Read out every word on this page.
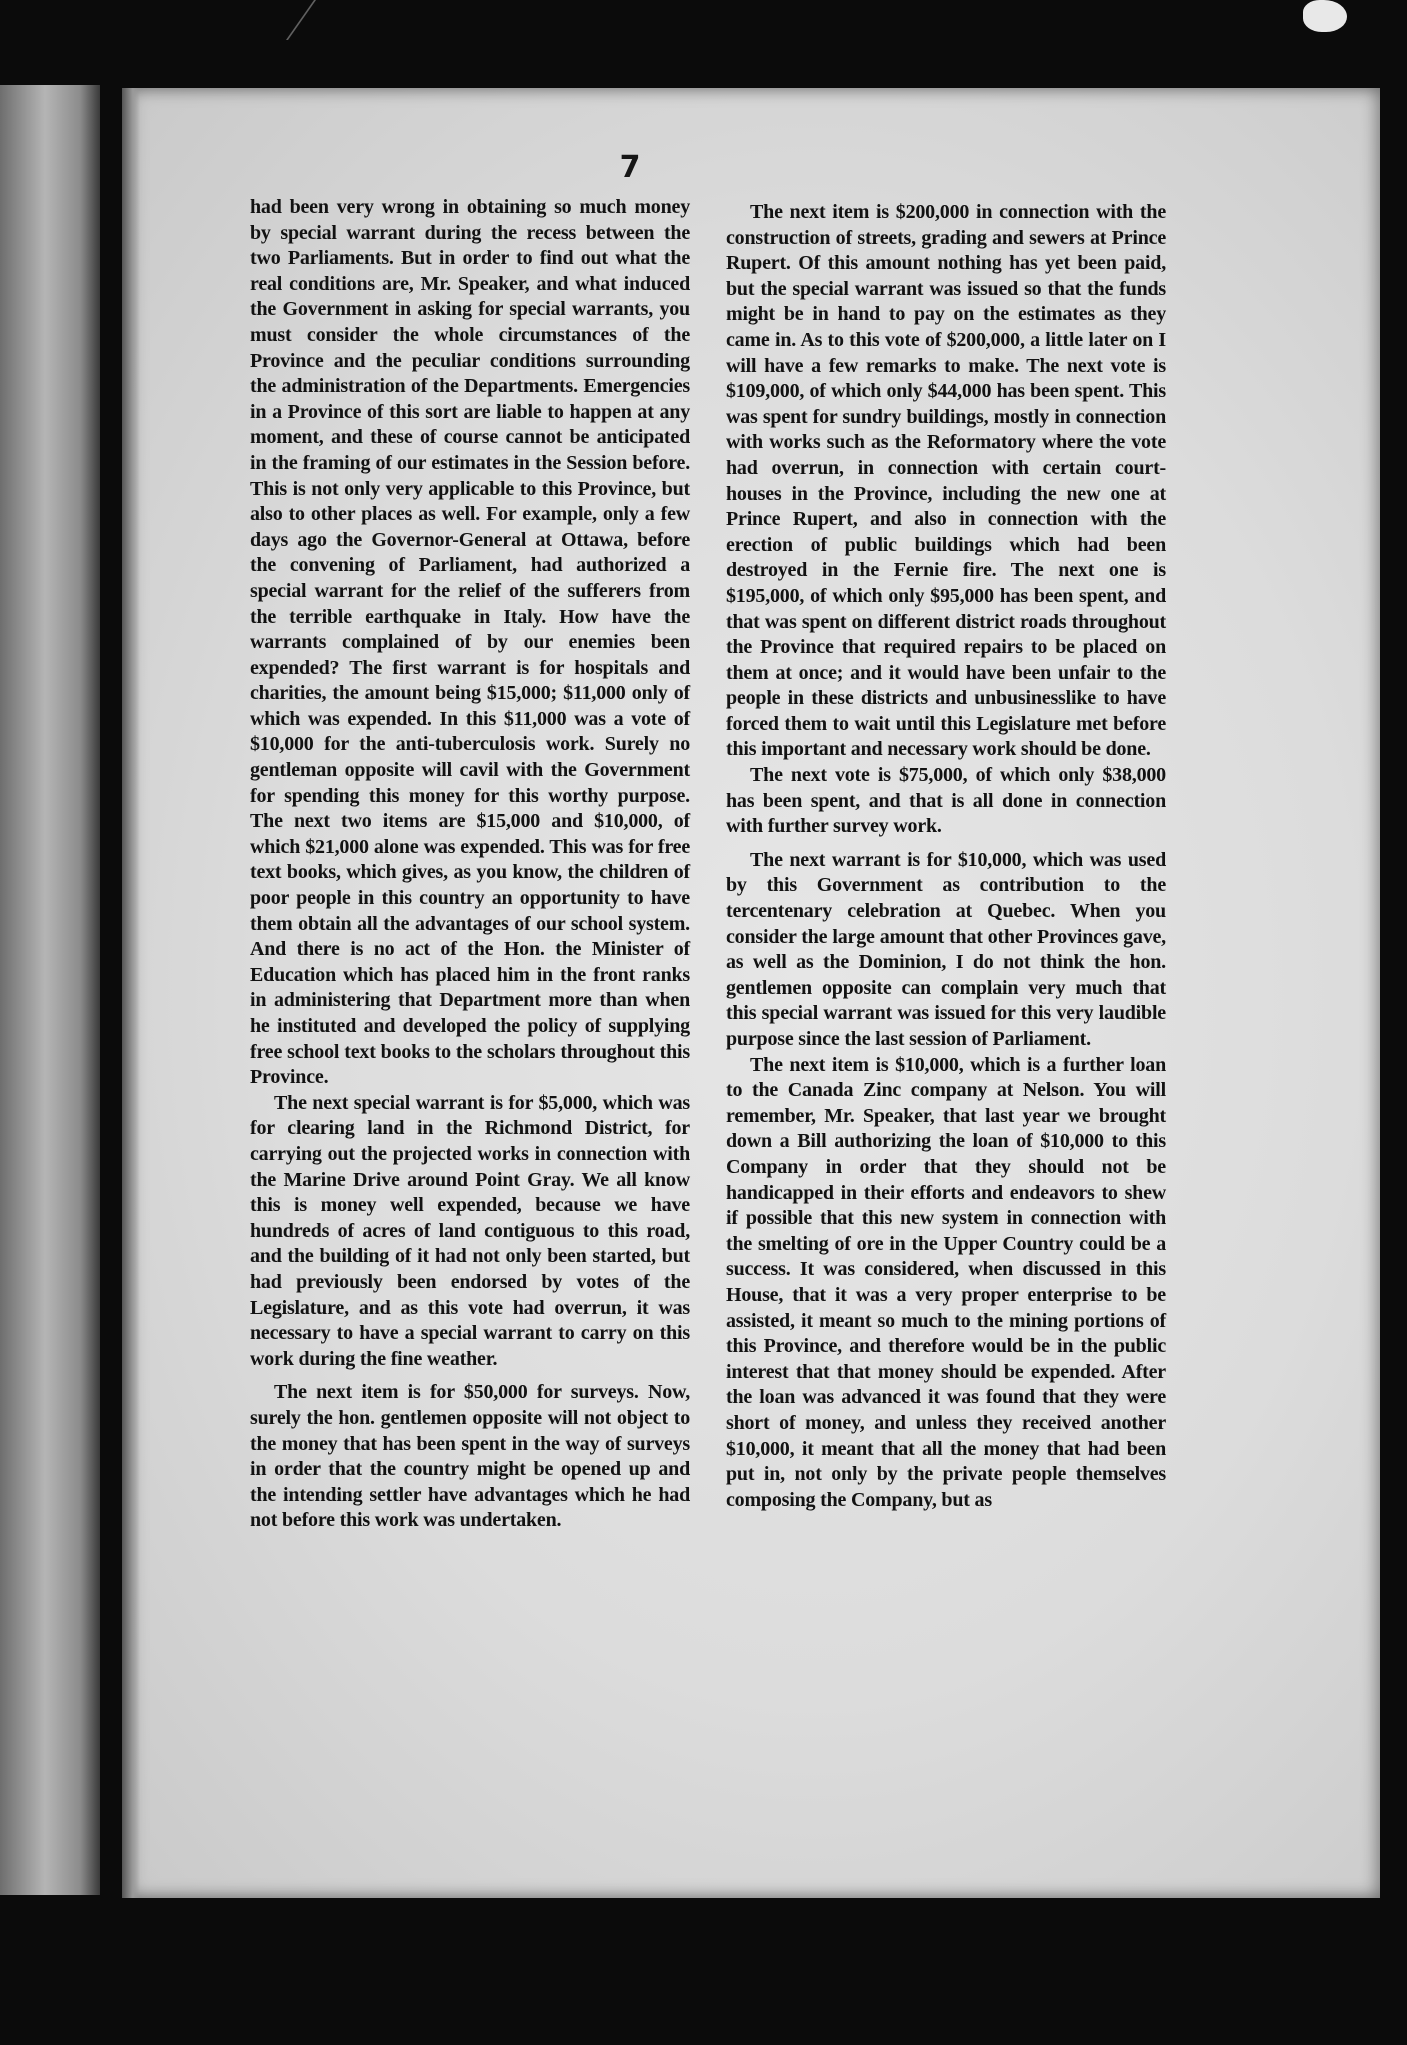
7

had been very wrong in obtaining so much money by special warrant during the recess between the two Parliaments. But in order to find out what the real conditions are, Mr. Speaker, and what induced the Government in asking for special warrants, you must consider the whole circumstances of the Province and the peculiar conditions surrounding the administration of the Departments. Emergencies in a Province of this sort are liable to happen at any moment, and these of course cannot be anticipated in the framing of our estimates in the Session before. This is not only very applicable to this Province, but also to other places as well. For example, only a few days ago the Governor-General at Ottawa, before the convening of Parliament, had authorized a special warrant for the relief of the sufferers from the terrible earthquake in Italy. How have the warrants complained of by our enemies been expended? The first warrant is for hospitals and charities, the amount being $15,000; $11,000 only of which was expended. In this $11,000 was a vote of $10,000 for the anti-tuberculosis work. Surely no gentleman opposite will cavil with the Government for spending this money for this worthy purpose. The next two items are $15,000 and $10,000, of which $21,000 alone was expended. This was for free text books, which gives, as you know, the children of poor people in this country an opportunity to have them obtain all the advantages of our school system. And there is no act of the Hon. the Minister of Education which has placed him in the front ranks in administering that Department more than when he instituted and developed the policy of supplying free school text books to the scholars throughout this Province.

The next special warrant is for $5,000, which was for clearing land in the Richmond District, for carrying out the projected works in connection with the Marine Drive around Point Gray. We all know this is money well expended, because we have hundreds of acres of land contiguous to this road, and the building of it had not only been started, but had previously been endorsed by votes of the Legislature, and as this vote had overrun, it was necessary to have a special warrant to carry on this work during the fine weather.

The next item is for $50,000 for surveys. Now, surely the hon. gentlemen opposite will not object to the money that has been spent in the way of surveys in order that the country might be opened up and the intending settler have advantages which he had not before this work was undertaken.

The next item is $200,000 in connection with the construction of streets, grading and sewers at Prince Rupert. Of this amount nothing has yet been paid, but the special warrant was issued so that the funds might be in hand to pay on the estimates as they came in. As to this vote of $200,000, a little later on I will have a few remarks to make. The next vote is $109,000, of which only $44,000 has been spent. This was spent for sundry buildings, mostly in connection with works such as the Reformatory where the vote had overrun, in connection with certain court-houses in the Province, including the new one at Prince Rupert, and also in connection with the erection of public buildings which had been destroyed in the Fernie fire. The next one is $195,000, of which only $95,000 has been spent, and that was spent on different district roads throughout the Province that required repairs to be placed on them at once; and it would have been unfair to the people in these districts and unbusinesslike to have forced them to wait until this Legislature met before this important and necessary work should be done.

The next vote is $75,000, of which only $38,000 has been spent, and that is all done in connection with further survey work.

The next warrant is for $10,000, which was used by this Government as contribution to the tercentenary celebration at Quebec. When you consider the large amount that other Provinces gave, as well as the Dominion, I do not think the hon. gentlemen opposite can complain very much that this special warrant was issued for this very laudible purpose since the last session of Parliament.

The next item is $10,000, which is a further loan to the Canada Zinc company at Nelson. You will remember, Mr. Speaker, that last year we brought down a Bill authorizing the loan of $10,000 to this Company in order that they should not be handicapped in their efforts and endeavors to shew if possible that this new system in connection with the smelting of ore in the Upper Country could be a success. It was considered, when discussed in this House, that it was a very proper enterprise to be assisted, it meant so much to the mining portions of this Province, and therefore would be in the public interest that that money should be expended. After the loan was advanced it was found that they were short of money, and unless they received another $10,000, it meant that all the money that had been put in, not only by the private people themselves composing the Company, but as
